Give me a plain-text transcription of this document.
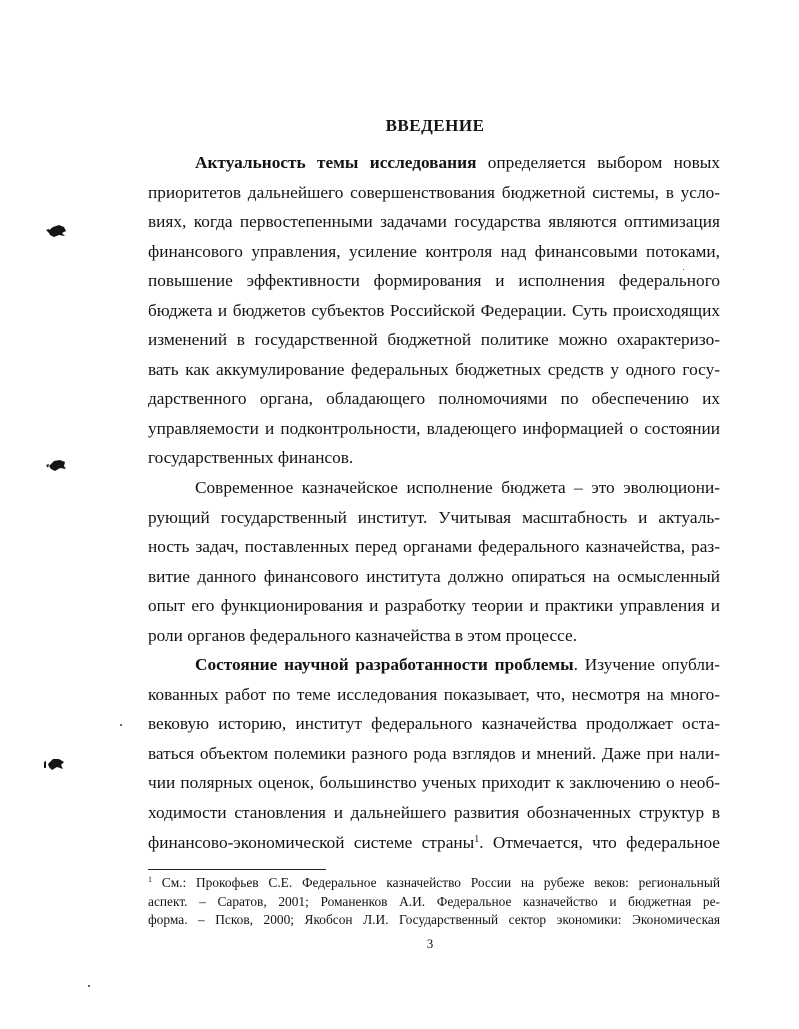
ВВЕДЕНИЕ
Актуальность темы исследования определяется выбором новых
приоритетов дальнейшего совершенствования бюджетной системы, в усло-
виях, когда первостепенными задачами государства являются оптимизация
финансового управления, усиление контроля над финансовыми потоками,
повышение эффективности формирования и исполнения федерального
бюджета и бюджетов субъектов Российской Федерации. Суть происходящих
изменений в государственной бюджетной политике можно охарактеризо-
вать как аккумулирование федеральных бюджетных средств у одного госу-
дарственного органа, обладающего полномочиями по обеспечению их
управляемости и подконтрольности, владеющего информацией о состоянии
государственных финансов.
Современное казначейское исполнение бюджета – это эволюциони-
рующий государственный институт. Учитывая масштабность и актуаль-
ность задач, поставленных перед органами федерального казначейства, раз-
витие данного финансового института должно опираться на осмысленный
опыт его функционирования и разработку теории и практики управления и
роли органов федерального казначейства в этом процессе.
Состояние научной разработанности проблемы. Изучение опубли-
кованных работ по теме исследования показывает, что, несмотря на много-
вековую историю, институт федерального казначейства продолжает оста-
ваться объектом полемики разного рода взглядов и мнений. Даже при нали-
чии полярных оценок, большинство ученых приходит к заключению о необ-
ходимости становления и дальнейшего развития обозначенных структур в
финансово-экономической системе страны$^1$. Отмечается, что федеральное
$^1$ См.: Прокофьев С.Е. Федеральное казначейство России на рубеже веков: региональный
аспект. – Саратов, 2001; Романенков А.И. Федеральное казначейство и бюджетная ре-
форма. – Псков, 2000; Якобсон Л.И. Государственный сектор экономики: Экономическая
3
